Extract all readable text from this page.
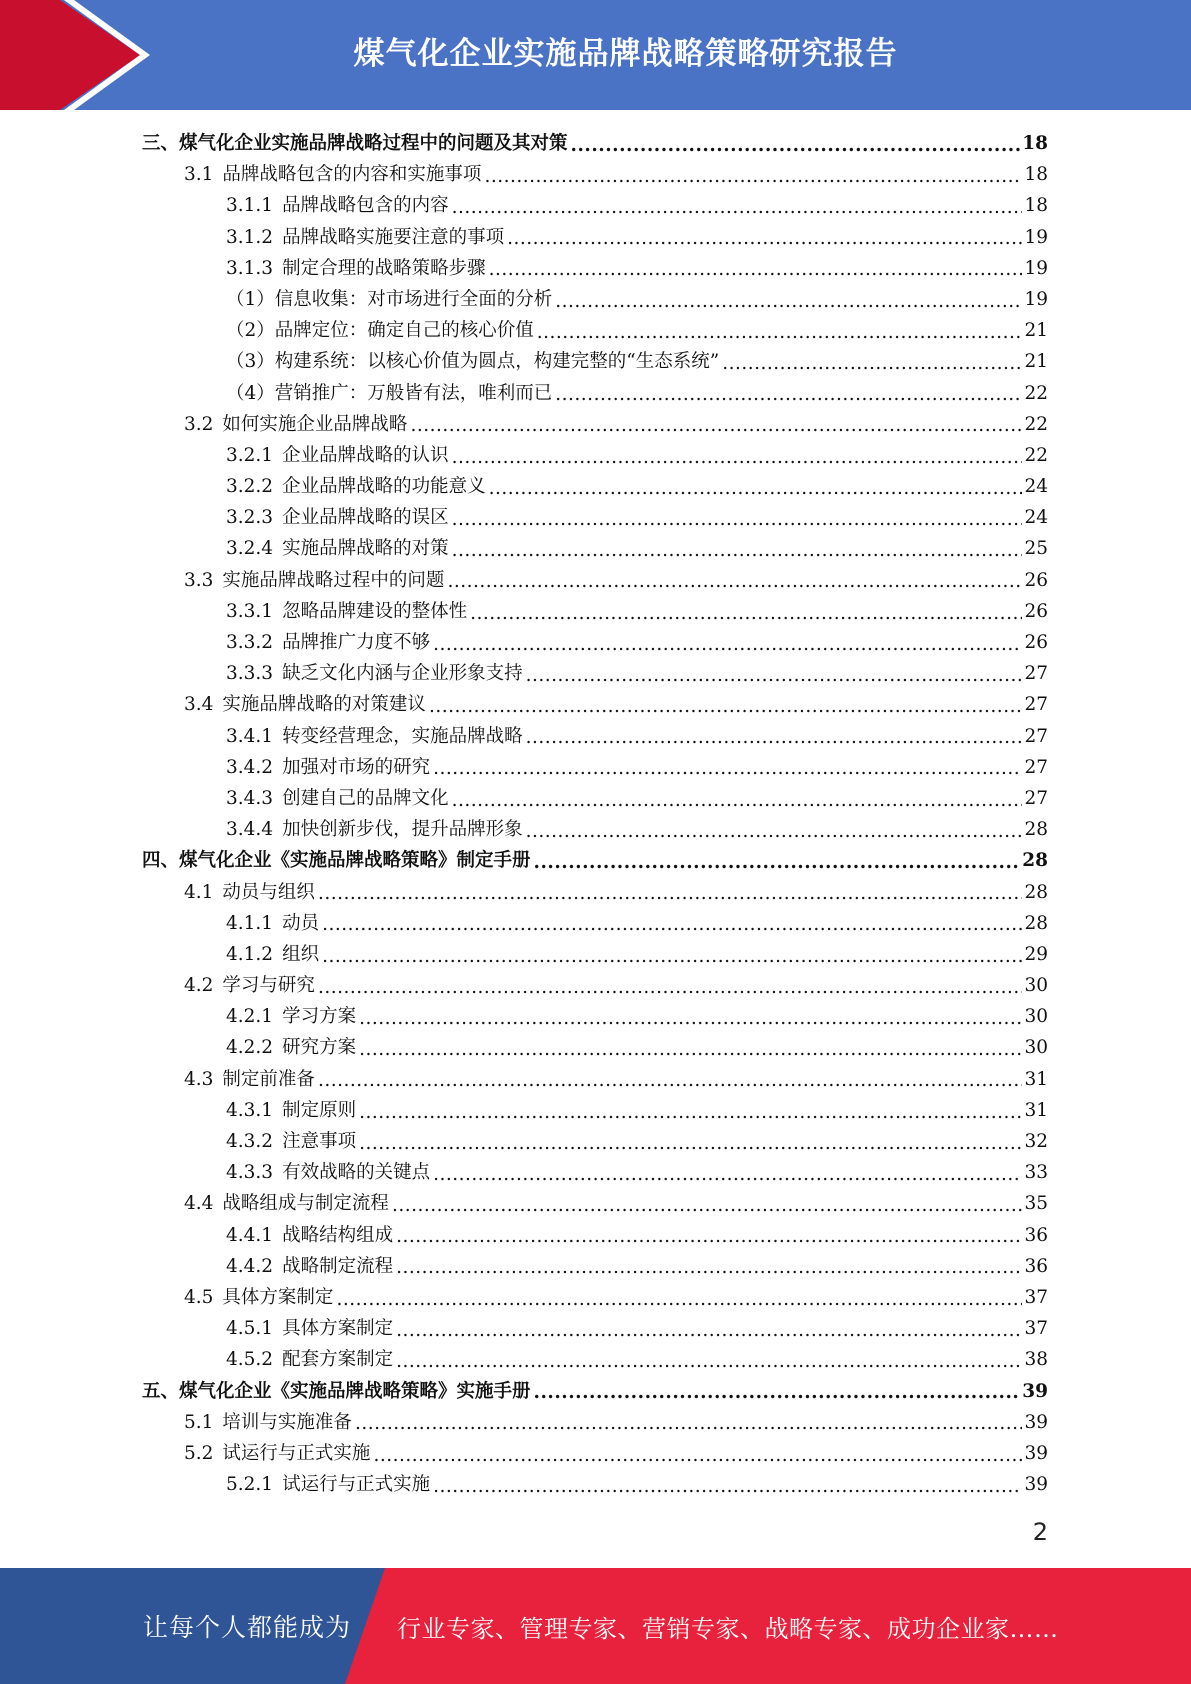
煤气化企业实施品牌战略策略研究报告
三、煤气化企业实施品牌战略过程中的问题及其对策 .....	18
3.1 品牌战略包含的内容和实施事项 .....	18
3.1.1 品牌战略包含的内容 .....	18
3.1.2 品牌战略实施要注意的事项 .....	19
3.1.3 制定合理的战略策略步骤 .....	19
（1）信息收集：对市场进行全面的分析 .....	19
（2）品牌定位：确定自己的核心价值 .....	21
（3）构建系统：以核心价值为圆点，构建完整的“生态系统” .....	21
（4）营销推广：万般皆有法，唯利而已 .....	22
3.2 如何实施企业品牌战略 .....	22
3.2.1 企业品牌战略的认识 .....	22
3.2.2 企业品牌战略的功能意义 .....	24
3.2.3 企业品牌战略的误区 .....	24
3.2.4 实施品牌战略的对策 .....	25
3.3 实施品牌战略过程中的问题 .....	26
3.3.1 忽略品牌建设的整体性 .....	26
3.3.2 品牌推广力度不够 .....	26
3.3.3 缺乏文化内涵与企业形象支持 .....	27
3.4 实施品牌战略的对策建议 .....	27
3.4.1 转变经营理念，实施品牌战略 .....	27
3.4.2 加强对市场的研究 .....	27
3.4.3 创建自己的品牌文化 .....	27
3.4.4 加快创新步伐，提升品牌形象 .....	28
四、煤气化企业《实施品牌战略策略》制定手册 .....	28
4.1 动员与组织 .....	28
4.1.1 动员 .....	28
4.1.2 组织 .....	29
4.2 学习与研究 .....	30
4.2.1 学习方案 .....	30
4.2.2 研究方案 .....	30
4.3 制定前准备 .....	31
4.3.1 制定原则 .....	31
4.3.2 注意事项 .....	32
4.3.3 有效战略的关键点 .....	33
4.4 战略组成与制定流程 .....	35
4.4.1 战略结构组成 .....	36
4.4.2 战略制定流程 .....	36
4.5 具体方案制定 .....	37
4.5.1 具体方案制定 .....	37
4.5.2 配套方案制定 .....	38
五、煤气化企业《实施品牌战略策略》实施手册 .....	39
5.1 培训与实施准备 .....	39
5.2 试运行与正式实施 .....	39
5.2.1 试运行与正式实施 .....	39
2
让每个人都能成为 行业专家、管理专家、营销专家、战略专家、成功企业家……
